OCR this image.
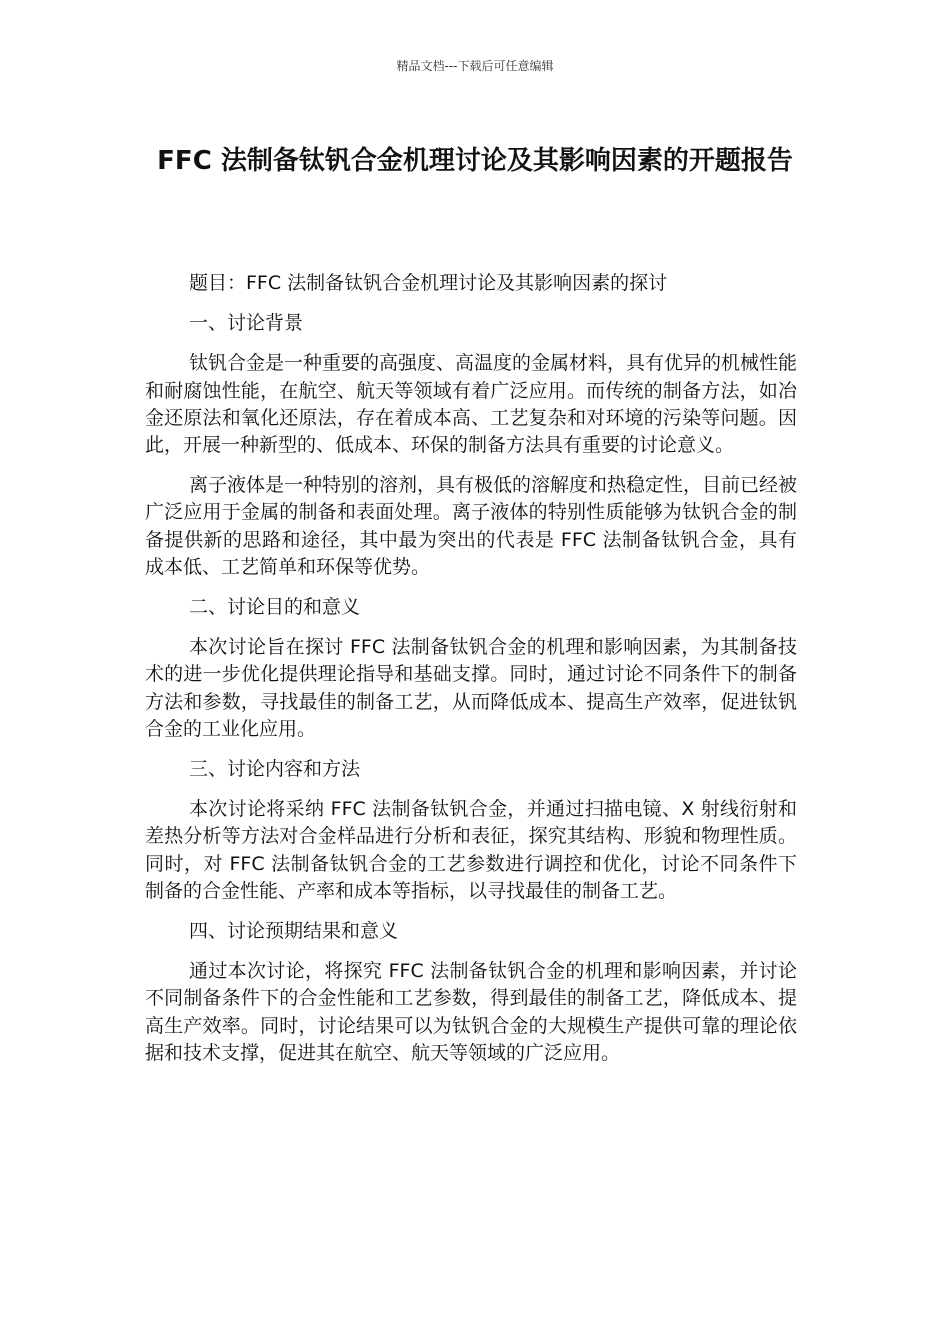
精品文档---下载后可任意编辑
FFC 法制备钛钒合金机理讨论及其影响因素的开题报告

题目：FFC 法制备钛钒合金机理讨论及其影响因素的探讨

一、讨论背景

钛钒合金是一种重要的高强度、高温度的金属材料，具有优异的机械性能和耐腐蚀性能，在航空、航天等领域有着广泛应用。而传统的制备方法，如冶金还原法和氧化还原法，存在着成本高、工艺复杂和对环境的污染等问题。因此，开展一种新型的、低成本、环保的制备方法具有重要的讨论意义。

离子液体是一种特别的溶剂，具有极低的溶解度和热稳定性，目前已经被广泛应用于金属的制备和表面处理。离子液体的特别性质能够为钛钒合金的制备提供新的思路和途径，其中最为突出的代表是 FFC 法制备钛钒合金，具有成本低、工艺简单和环保等优势。

二、讨论目的和意义

本次讨论旨在探讨 FFC 法制备钛钒合金的机理和影响因素，为其制备技术的进一步优化提供理论指导和基础支撑。同时，通过讨论不同条件下的制备方法和参数，寻找最佳的制备工艺，从而降低成本、提高生产效率，促进钛钒合金的工业化应用。

三、讨论内容和方法

本次讨论将采纳 FFC 法制备钛钒合金，并通过扫描电镜、X 射线衍射和差热分析等方法对合金样品进行分析和表征，探究其结构、形貌和物理性质。同时，对 FFC 法制备钛钒合金的工艺参数进行调控和优化，讨论不同条件下制备的合金性能、产率和成本等指标，以寻找最佳的制备工艺。

四、讨论预期结果和意义

通过本次讨论，将探究 FFC 法制备钛钒合金的机理和影响因素，并讨论不同制备条件下的合金性能和工艺参数，得到最佳的制备工艺，降低成本、提高生产效率。同时，讨论结果可以为钛钒合金的大规模生产提供可靠的理论依据和技术支撑，促进其在航空、航天等领域的广泛应用。
